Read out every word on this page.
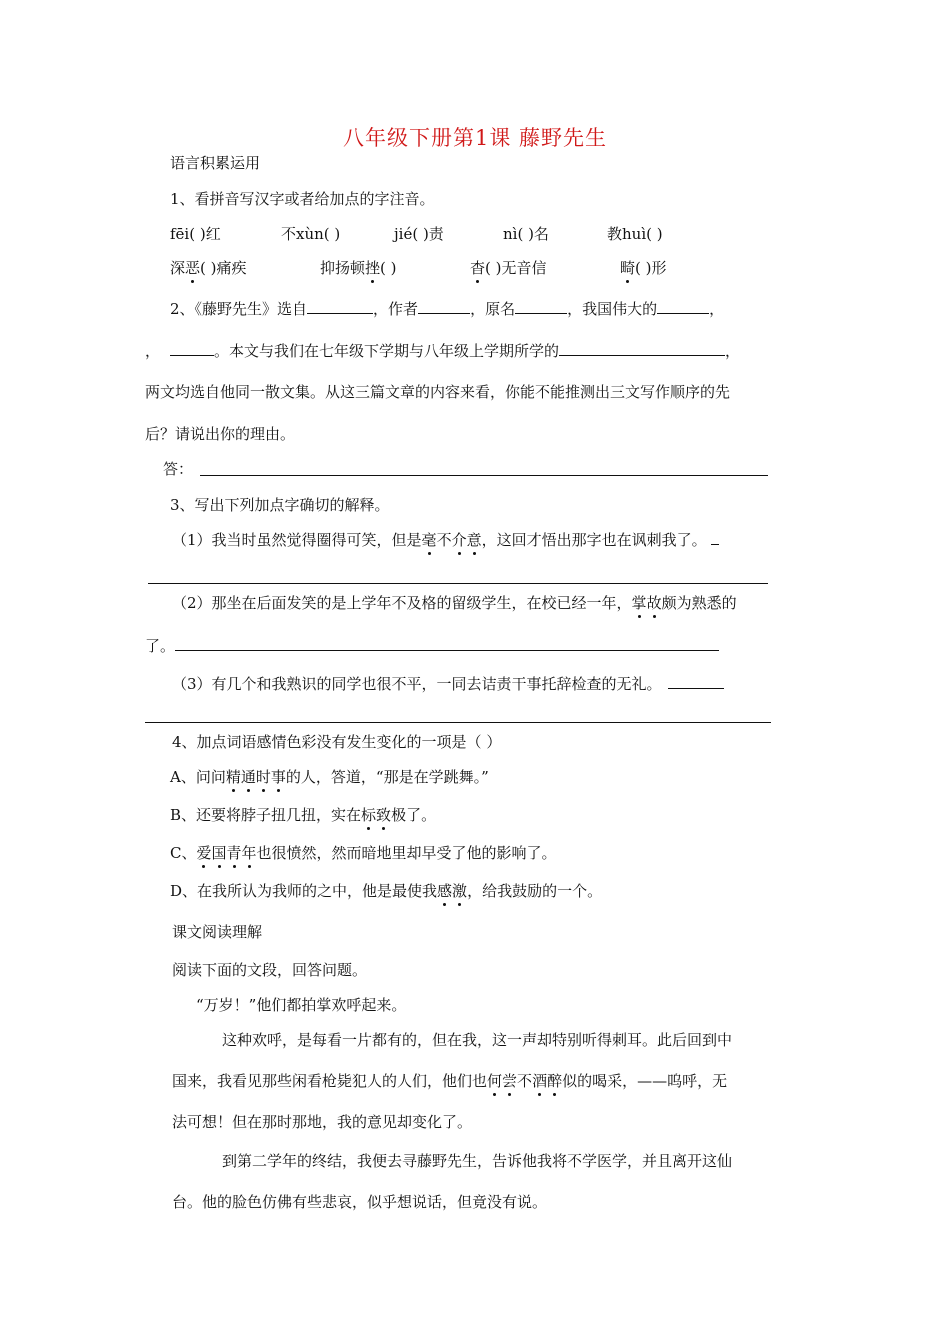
八年级下册第1课 藤野先生
语言积累运用
1、看拼音写汉字或者给加点的字注音。
fēi( )红	不xùn( )	jié( )责	nì( )名	教huì( )
深恶( )痛疾	抑扬顿挫( )	杳( )无音信	畸( )形
2、《藤野先生》选自	，作者	，原名	，我国伟大的	，
，	。本文与我们在七年级下学期与八年级上学期所学的	，
两文均选自他同一散文集。从这三篇文章的内容来看，你能不能推测出三文写作顺序的先
后？请说出你的理由。
答：
3、写出下列加点字确切的解释。
（1）我当时虽然觉得圈得可笑，但是毫不介意，这回才悟出那字也在讽刺我了。
（2）那坐在后面发笑的是上学年不及格的留级学生，在校已经一年，掌故颇为熟悉的
了。
（3）有几个和我熟识的同学也很不平，一同去诘责干事托辞检查的无礼。
4、加点词语感情色彩没有发生变化的一项是（ ）
A、问问精通时事的人，答道，“那是在学跳舞。”
B、还要将脖子扭几扭，实在标致极了。
C、爱国青年也很愤然，然而暗地里却早受了他的影响了。
D、在我所认为我师的之中，他是最使我感激，给我鼓励的一个。
课文阅读理解
阅读下面的文段，回答问题。
“万岁！”他们都拍掌欢呼起来。
这种欢呼，是每看一片都有的，但在我，这一声却特别听得刺耳。此后回到中
国来，我看见那些闲看枪毙犯人的人们，他们也何尝不酒醉似的喝采，——呜呼，无
法可想！但在那时那地，我的意见却变化了。
到第二学年的终结，我便去寻藤野先生，告诉他我将不学医学，并且离开这仙
台。他的脸色仿佛有些悲哀，似乎想说话，但竟没有说。
